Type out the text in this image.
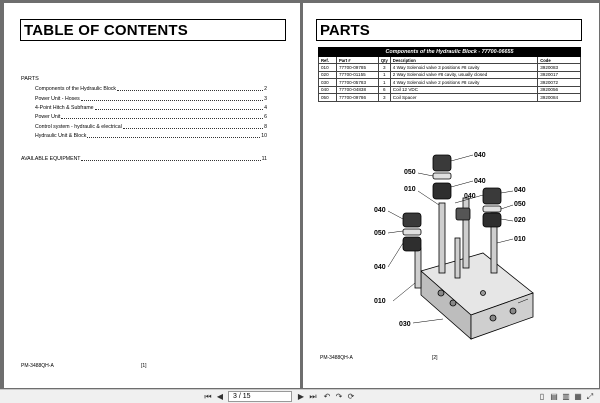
TABLE OF CONTENTS
PARTS
Components of the Hydraulic Block	2
Power Unit - Hoses	3
4-Point Hitch & Subframe	4
Power Unit	6
Control system - hydraulic & electrical	8
Hydraulic Unit & Block	10
AVAILABLE EQUIPMENT	11
PM-3488QH-A	[1]
PARTS
Components of the Hydraulic Block - 77700-06655				
Ref.	Part #	Qty	Description	Code
010	77700-09785	3	4 Way Solenoid valve 3 positions #8 cavity	3920083
020	77700-01155	1	2 Way Solenoid valve #8 cavity, usually closed	3920017
030	77700-05783	1	4 Way Solenoid valve 2 positions #8 cavity	3920072
040	77700-04838	6	Coil 12 VDC	3920056
050	77700-09786	3	Coil Spacer	3920084
040
050
040
010	040
040
050
050
040
010
040
020
010
030
PM-3488QH-A	[2]
⏮ ◀	3 / 15	▶ ⏭ ↶ ↷ ⟳	▯ ▤ ▥ ▦ ⤢
